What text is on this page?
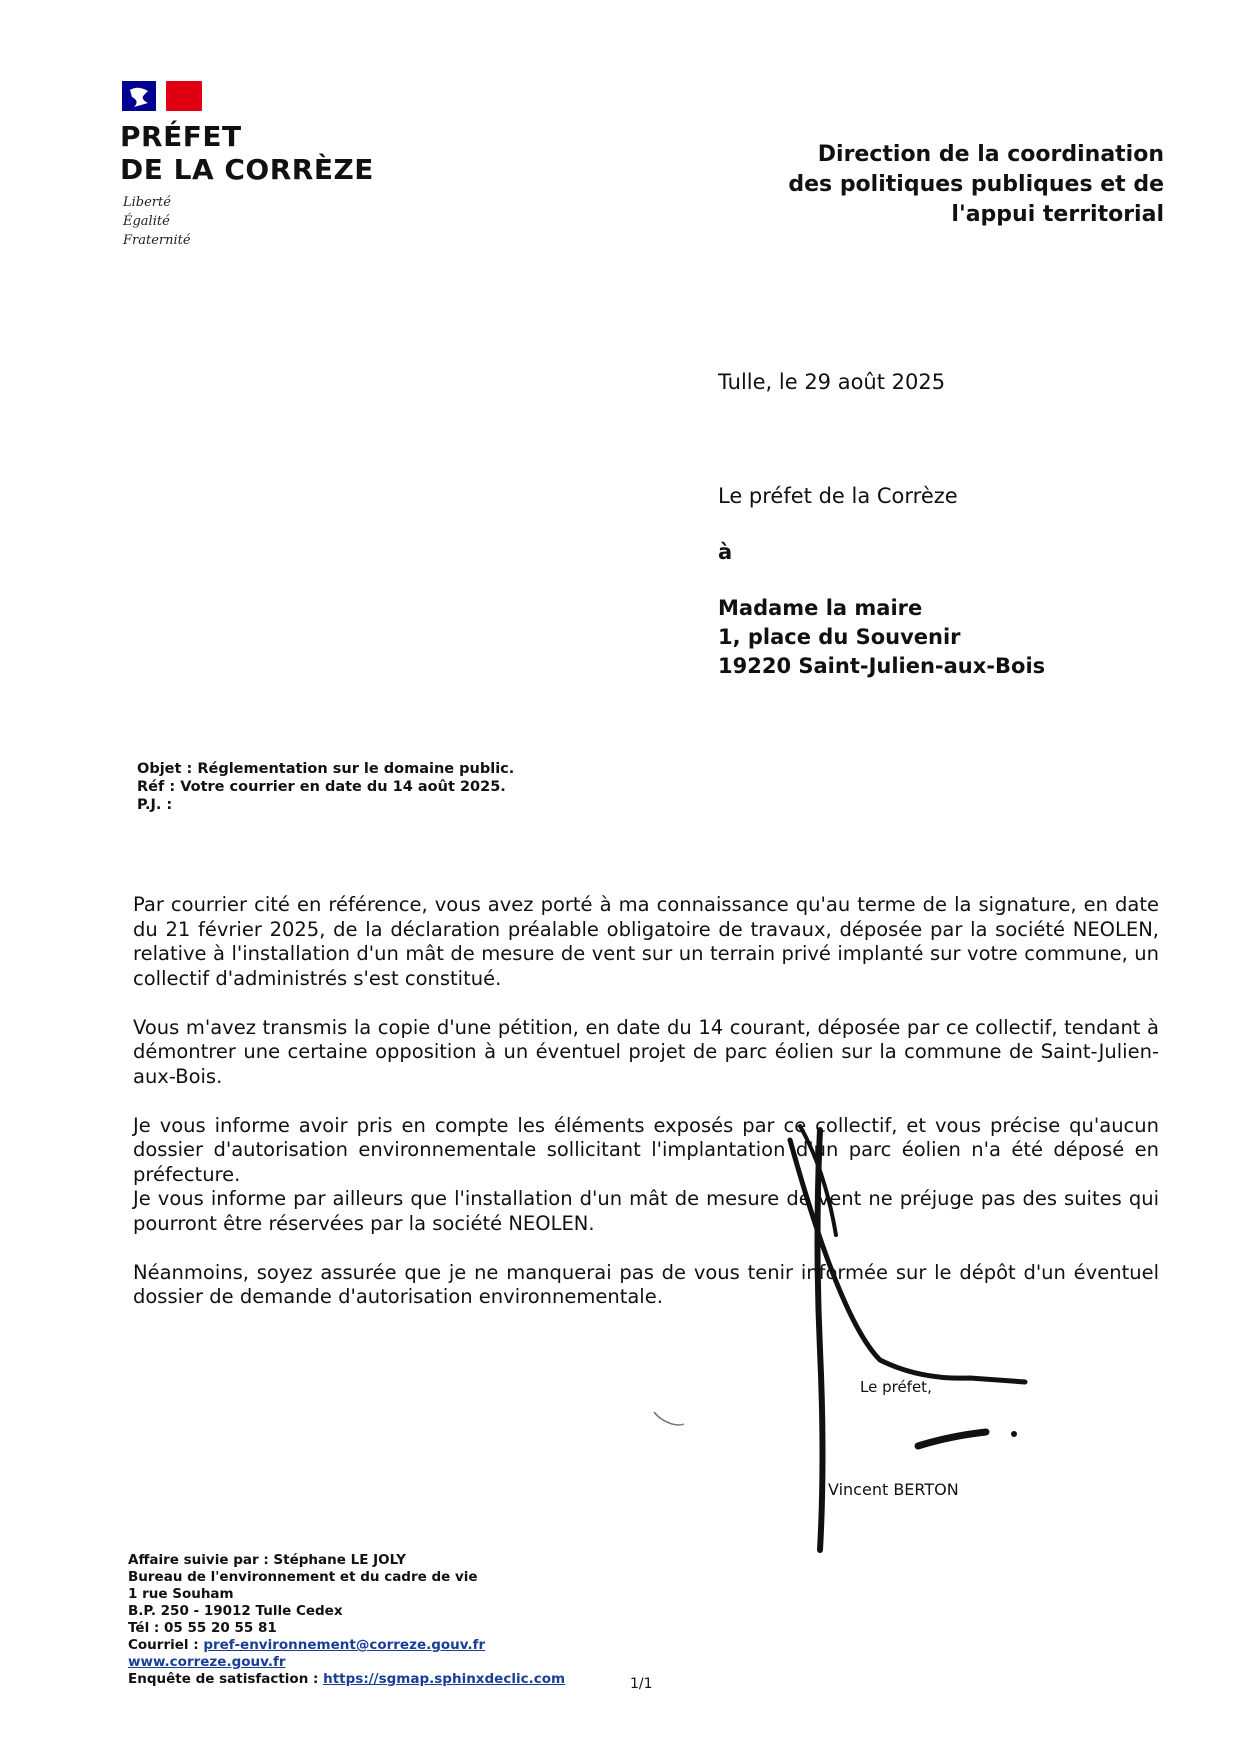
PRÉFET
DE LA CORRÈZE
Liberté
Égalité
Fraternité
Direction de la coordination
des politiques publiques et de
l'appui territorial
Tulle, le 29 août 2025
Le préfet de la Corrèze
à
Madame la maire
1, place du Souvenir
19220 Saint-Julien-aux-Bois
Objet : Réglementation sur le domaine public.
Réf : Votre courrier en date du 14 août 2025.
P.J. :

Par courrier cité en référence, vous avez porté à ma connaissance qu'au terme de la signature, en date du 21 février 2025, de la déclaration préalable obligatoire de travaux, déposée par la société NEOLEN, relative à l'installation d'un mât de mesure de vent sur un terrain privé implanté sur votre commune, un collectif d'administrés s'est constitué.

Vous m'avez transmis la copie d'une pétition, en date du 14 courant, déposée par ce collectif, tendant à démontrer une certaine opposition à un éventuel projet de parc éolien sur la commune de Saint-Julien-aux-Bois.

Je vous informe avoir pris en compte les éléments exposés par ce collectif, et vous précise qu'aucun dossier d'autorisation environnementale sollicitant l'implantation d'un parc éolien n'a été déposé en préfecture.

Je vous informe par ailleurs que l'installation d'un mât de mesure de vent ne préjuge pas des suites qui pourront être réservées par la société NEOLEN.

Néanmoins, soyez assurée que je ne manquerai pas de vous tenir informée sur le dépôt d'un éventuel dossier de demande d'autorisation environnementale.

Le préfet,
Vincent BERTON
Affaire suivie par : Stéphane LE JOLY
Bureau de l'environnement et du cadre de vie
1 rue Souham
B.P. 250 - 19012 Tulle Cedex
Tél : 05 55 20 55 81
Courriel : pref-environnement@correze.gouv.fr
www.correze.gouv.fr
Enquête de satisfaction : https://sgmap.sphinxdeclic.com	1/1
